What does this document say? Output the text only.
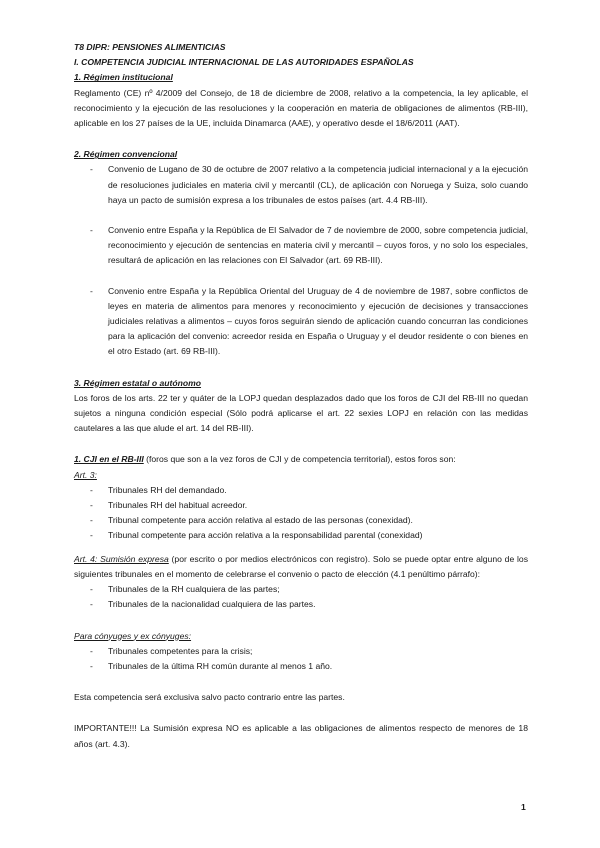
T8 DIPR: PENSIONES ALIMENTICIAS

I. COMPETENCIA JUDICIAL INTERNACIONAL DE LAS AUTORIDADES ESPAÑOLAS

1. Régimen institucional

Reglamento (CE) nº 4/2009 del Consejo, de 18 de diciembre de 2008, relativo a la competencia, la ley aplicable, el reconocimiento y la ejecución de las resoluciones y la cooperación en materia de obligaciones de alimentos (RB-III), aplicable en los 27 países de la UE, incluida Dinamarca (AAE), y operativo desde el 18/6/2011 (AAT).

2. Régimen convencional

- Convenio de Lugano de 30 de octubre de 2007 relativo a la competencia judicial internacional y a la ejecución de resoluciones judiciales en materia civil y mercantil (CL), de aplicación con Noruega y Suiza, solo cuando haya un pacto de sumisión expresa a los tribunales de estos países (art. 4.4 RB-III).
- Convenio entre España y la República de El Salvador de 7 de noviembre de 2000, sobre competencia judicial, reconocimiento y ejecución de sentencias en materia civil y mercantil – cuyos foros, y no solo los especiales, resultará de aplicación en las relaciones con El Salvador (art. 69 RB-III).
- Convenio entre España y la República Oriental del Uruguay de 4 de noviembre de 1987, sobre conflictos de leyes en materia de alimentos para menores y reconocimiento y ejecución de decisiones y transacciones judiciales relativas a alimentos – cuyos foros seguirán siendo de aplicación cuando concurran las condiciones para la aplicación del convenio: acreedor resida en España o Uruguay y el deudor residente o con bienes en el otro Estado (art. 69 RB-III).

3. Régimen estatal o autónomo

Los foros de los arts. 22 ter y quáter de la LOPJ quedan desplazados dado que los foros de CJI del RB-III no quedan sujetos a ninguna condición especial (Sólo podrá aplicarse el art. 22 sexies LOPJ en relación con las medidas cautelares a las que alude el art. 14 del RB-III).

1. CJI en el RB-III (foros que son a la vez foros de CJI y de competencia territorial), estos foros son:

Art. 3:

- Tribunales RH del demandado.
- Tribunales RH del habitual acreedor.
- Tribunal competente para acción relativa al estado de las personas (conexidad).
- Tribunal competente para acción relativa a la responsabilidad parental (conexidad)

Art. 4: Sumisión expresa (por escrito o por medios electrónicos con registro). Solo se puede optar entre alguno de los siguientes tribunales en el momento de celebrarse el convenio o pacto de elección (4.1 penúltimo párrafo):

- Tribunales de la RH cualquiera de las partes;
- Tribunales de la nacionalidad cualquiera de las partes.

Para cónyuges y ex cónyuges:

- Tribunales competentes para la crisis;
- Tribunales de la última RH común durante al menos 1 año.

Esta competencia será exclusiva salvo pacto contrario entre las partes.

IMPORTANTE!!! La Sumisión expresa NO es aplicable a las obligaciones de alimentos respecto de menores de 18 años (art. 4.3).

1
